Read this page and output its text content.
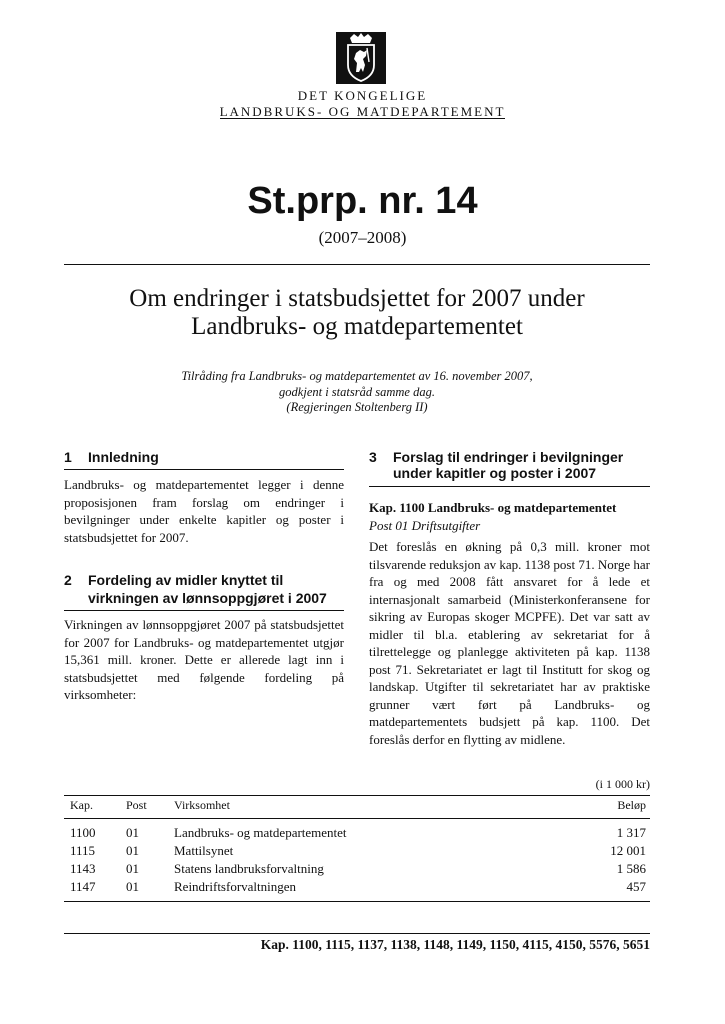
DET KONGELIGE
LANDBRUKS- OG MATDEPARTEMENT
St.prp. nr. 14
(2007–2008)
Om endringer i statsbudsjettet for 2007 under
Landbruks- og matdepartementet
Tilråding fra Landbruks- og matdepartementet av 16. november 2007,
godkjent i statsråd samme dag.
(Regjeringen Stoltenberg II)
1 Innledning
Landbruks- og matdepartementet legger i denne proposisjonen fram forslag om endringer i bevilgninger under enkelte kapitler og poster i statsbudsjettet for 2007.
2 Fordeling av midler knyttet til
virkningen av lønnsoppgjøret i 2007
Virkningen av lønnsoppgjøret 2007 på statsbudsjettet for 2007 for Landbruks- og matdepartementet utgjør 15,361 mill. kroner. Dette er allerede lagt inn i statsbudsjettet med følgende fordeling på virksomheter:
3 Forslag til endringer i bevilgninger
under kapitler og poster i 2007
Kap. 1100 Landbruks- og matdepartementet
Post 01 Driftsutgifter
Det foreslås en økning på 0,3 mill. kroner mot tilsvarende reduksjon av kap. 1138 post 71. Norge har fra og med 2008 fått ansvaret for å lede et internasjonalt samarbeid (Ministerkonferansene for sikring av Europas skoger MCPFE). Det var satt av midler til bl.a. etablering av sekretariat for å tilrettelegge og planlegge aktiviteten på kap. 1138 post 71. Sekretariatet er lagt til Institutt for skog og landskap. Utgifter til sekretariatet har av praktiske grunner vært ført på Landbruks- og matdepartementets budsjett på kap. 1100. Det foreslås derfor en flytting av midlene.
(i 1 000 kr)
Kap.	Post Virksomhet	Beløp
1100 01	Landbruks- og matdepartementet	1 317
1115 01	Mattilsynet	12 001
1143 01	Statens landbruksforvaltning	1 586
1147 01	Reindriftsforvaltningen	457
Kap. 1100, 1115, 1137, 1138, 1148, 1149, 1150, 4115, 4150, 5576, 5651
